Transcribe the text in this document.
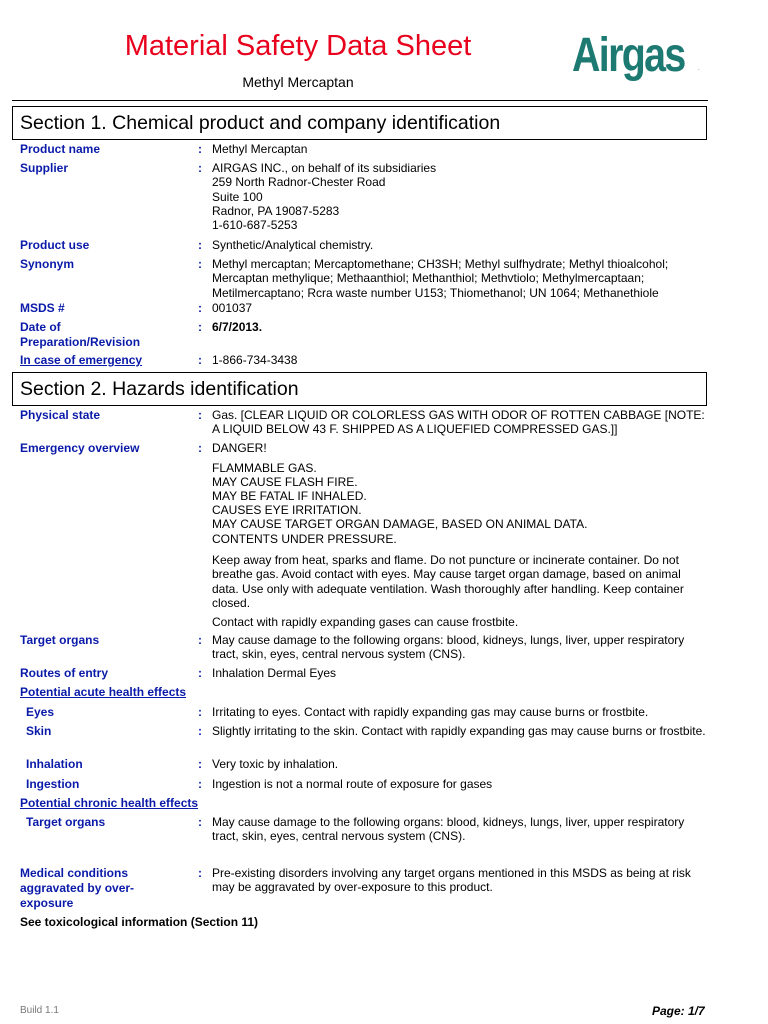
Material Safety Data Sheet
Methyl Mercaptan	Airgas .
Section 1. Chemical product and company identification
Product name	: Methyl Mercaptan
Supplier	: AIRGAS INC., on behalf of its subsidiaries
259 North Radnor-Chester Road
Suite 100
Radnor, PA 19087-5283
1-610-687-5253
Product use	: Synthetic/Analytical chemistry.
Synonym	: Methyl mercaptan; Mercaptomethane; CH3SH; Methyl sulfhydrate; Methyl thioalcohol; Mercaptan methylique; Methaanthiol; Methanthiol; Methvtiolo; Methylmercaptaan; Metilmercaptano; Rcra waste number U153; Thiomethanol; UN 1064; Methanethiole
MSDS #	: 001037
Date of Preparation/Revision
: 6/7/2013.
In case of emergency	: 1-866-734-3438
Section 2. Hazards identification
Physical state	: Gas. [CLEAR LIQUID OR COLORLESS GAS WITH ODOR OF ROTTEN CABBAGE [NOTE: A LIQUID BELOW 43 F. SHIPPED AS A LIQUEFIED COMPRESSED GAS.]]
Emergency overview	: DANGER!
FLAMMABLE GAS.
MAY CAUSE FLASH FIRE.
MAY BE FATAL IF INHALED.
CAUSES EYE IRRITATION.
MAY CAUSE TARGET ORGAN DAMAGE, BASED ON ANIMAL DATA.
CONTENTS UNDER PRESSURE.
Keep away from heat, sparks and flame. Do not puncture or incinerate container. Do not breathe gas. Avoid contact with eyes. May cause target organ damage, based on animal data. Use only with adequate ventilation. Wash thoroughly after handling. Keep container closed.
Contact with rapidly expanding gases can cause frostbite.
Target organs	: May cause damage to the following organs: blood, kidneys, lungs, liver, upper respiratory tract, skin, eyes, central nervous system (CNS).
Routes of entry	: Inhalation Dermal Eyes
Potential acute health effects
Eyes	: Irritating to eyes. Contact with rapidly expanding gas may cause burns or frostbite.
Skin	: Slightly irritating to the skin. Contact with rapidly expanding gas may cause burns or frostbite.
Inhalation	: Very toxic by inhalation.
Ingestion	: Ingestion is not a normal route of exposure for gases
Potential chronic health effects
Target organs	: May cause damage to the following organs: blood, kidneys, lungs, liver, upper respiratory tract, skin, eyes, central nervous system (CNS).
Medical conditions aggravated by over-exposure
: Pre-existing disorders involving any target organs mentioned in this MSDS as being at risk may be aggravated by over-exposure to this product.
See toxicological information (Section 11)
Build 1.1	Page: 1/7
